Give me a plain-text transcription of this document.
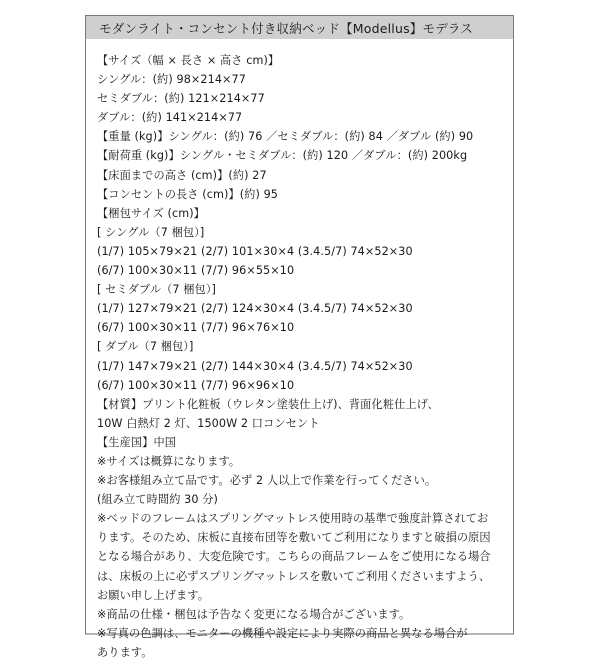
モダンライト・コンセント付き収納ベッド【Modellus】モデラス
【サイズ（幅 × 長さ × 高さ cm)】
シングル：(約) 98×214×77
セミダブル：(約) 121×214×77
ダブル：(約) 141×214×77
【重量 (kg)】シングル：(約) 76 ／セミダブル：(約) 84 ／ダブル (約) 90
【耐荷重 (kg)】シングル・セミダブル：(約) 120 ／ダブル：(約) 200kg
【床面までの高さ (cm)】(約) 27
【コンセントの長さ (cm)】(約) 95
【梱包サイズ (cm)】
[ シングル（7 梱包）]
(1/7) 105×79×21 (2/7) 101×30×4 (3.4.5/7) 74×52×30
(6/7) 100×30×11 (7/7) 96×55×10
[ セミダブル（7 梱包）]
(1/7) 127×79×21 (2/7) 124×30×4 (3.4.5/7) 74×52×30
(6/7) 100×30×11 (7/7) 96×76×10
[ ダブル（7 梱包）]
(1/7) 147×79×21 (2/7) 144×30×4 (3.4.5/7) 74×52×30
(6/7) 100×30×11 (7/7) 96×96×10
【材質】プリント化粧板（ウレタン塗装仕上げ)、背面化粧仕上げ、
10W 白熱灯 2 灯、1500W 2 口コンセント
【生産国】中国
※サイズは概算になります。
※お客様組み立て品です。必ず 2 人以上で作業を行ってください。
(組み立て時間約 30 分)
※ベッドのフレームはスプリングマットレス使用時の基準で強度計算されてお
ります。そのため、床板に直接布団等を敷いてご利用になりますと破損の原因
となる場合があり、大変危険です。こちらの商品フレームをご使用になる場合
は、床板の上に必ずスプリングマットレスを敷いてご利用くださいますよう、
お願い申し上げます。
※商品の仕様・梱包は予告なく変更になる場合がございます。
※写真の色調は、モニターの機種や設定により実際の商品と異なる場合が
あります。
